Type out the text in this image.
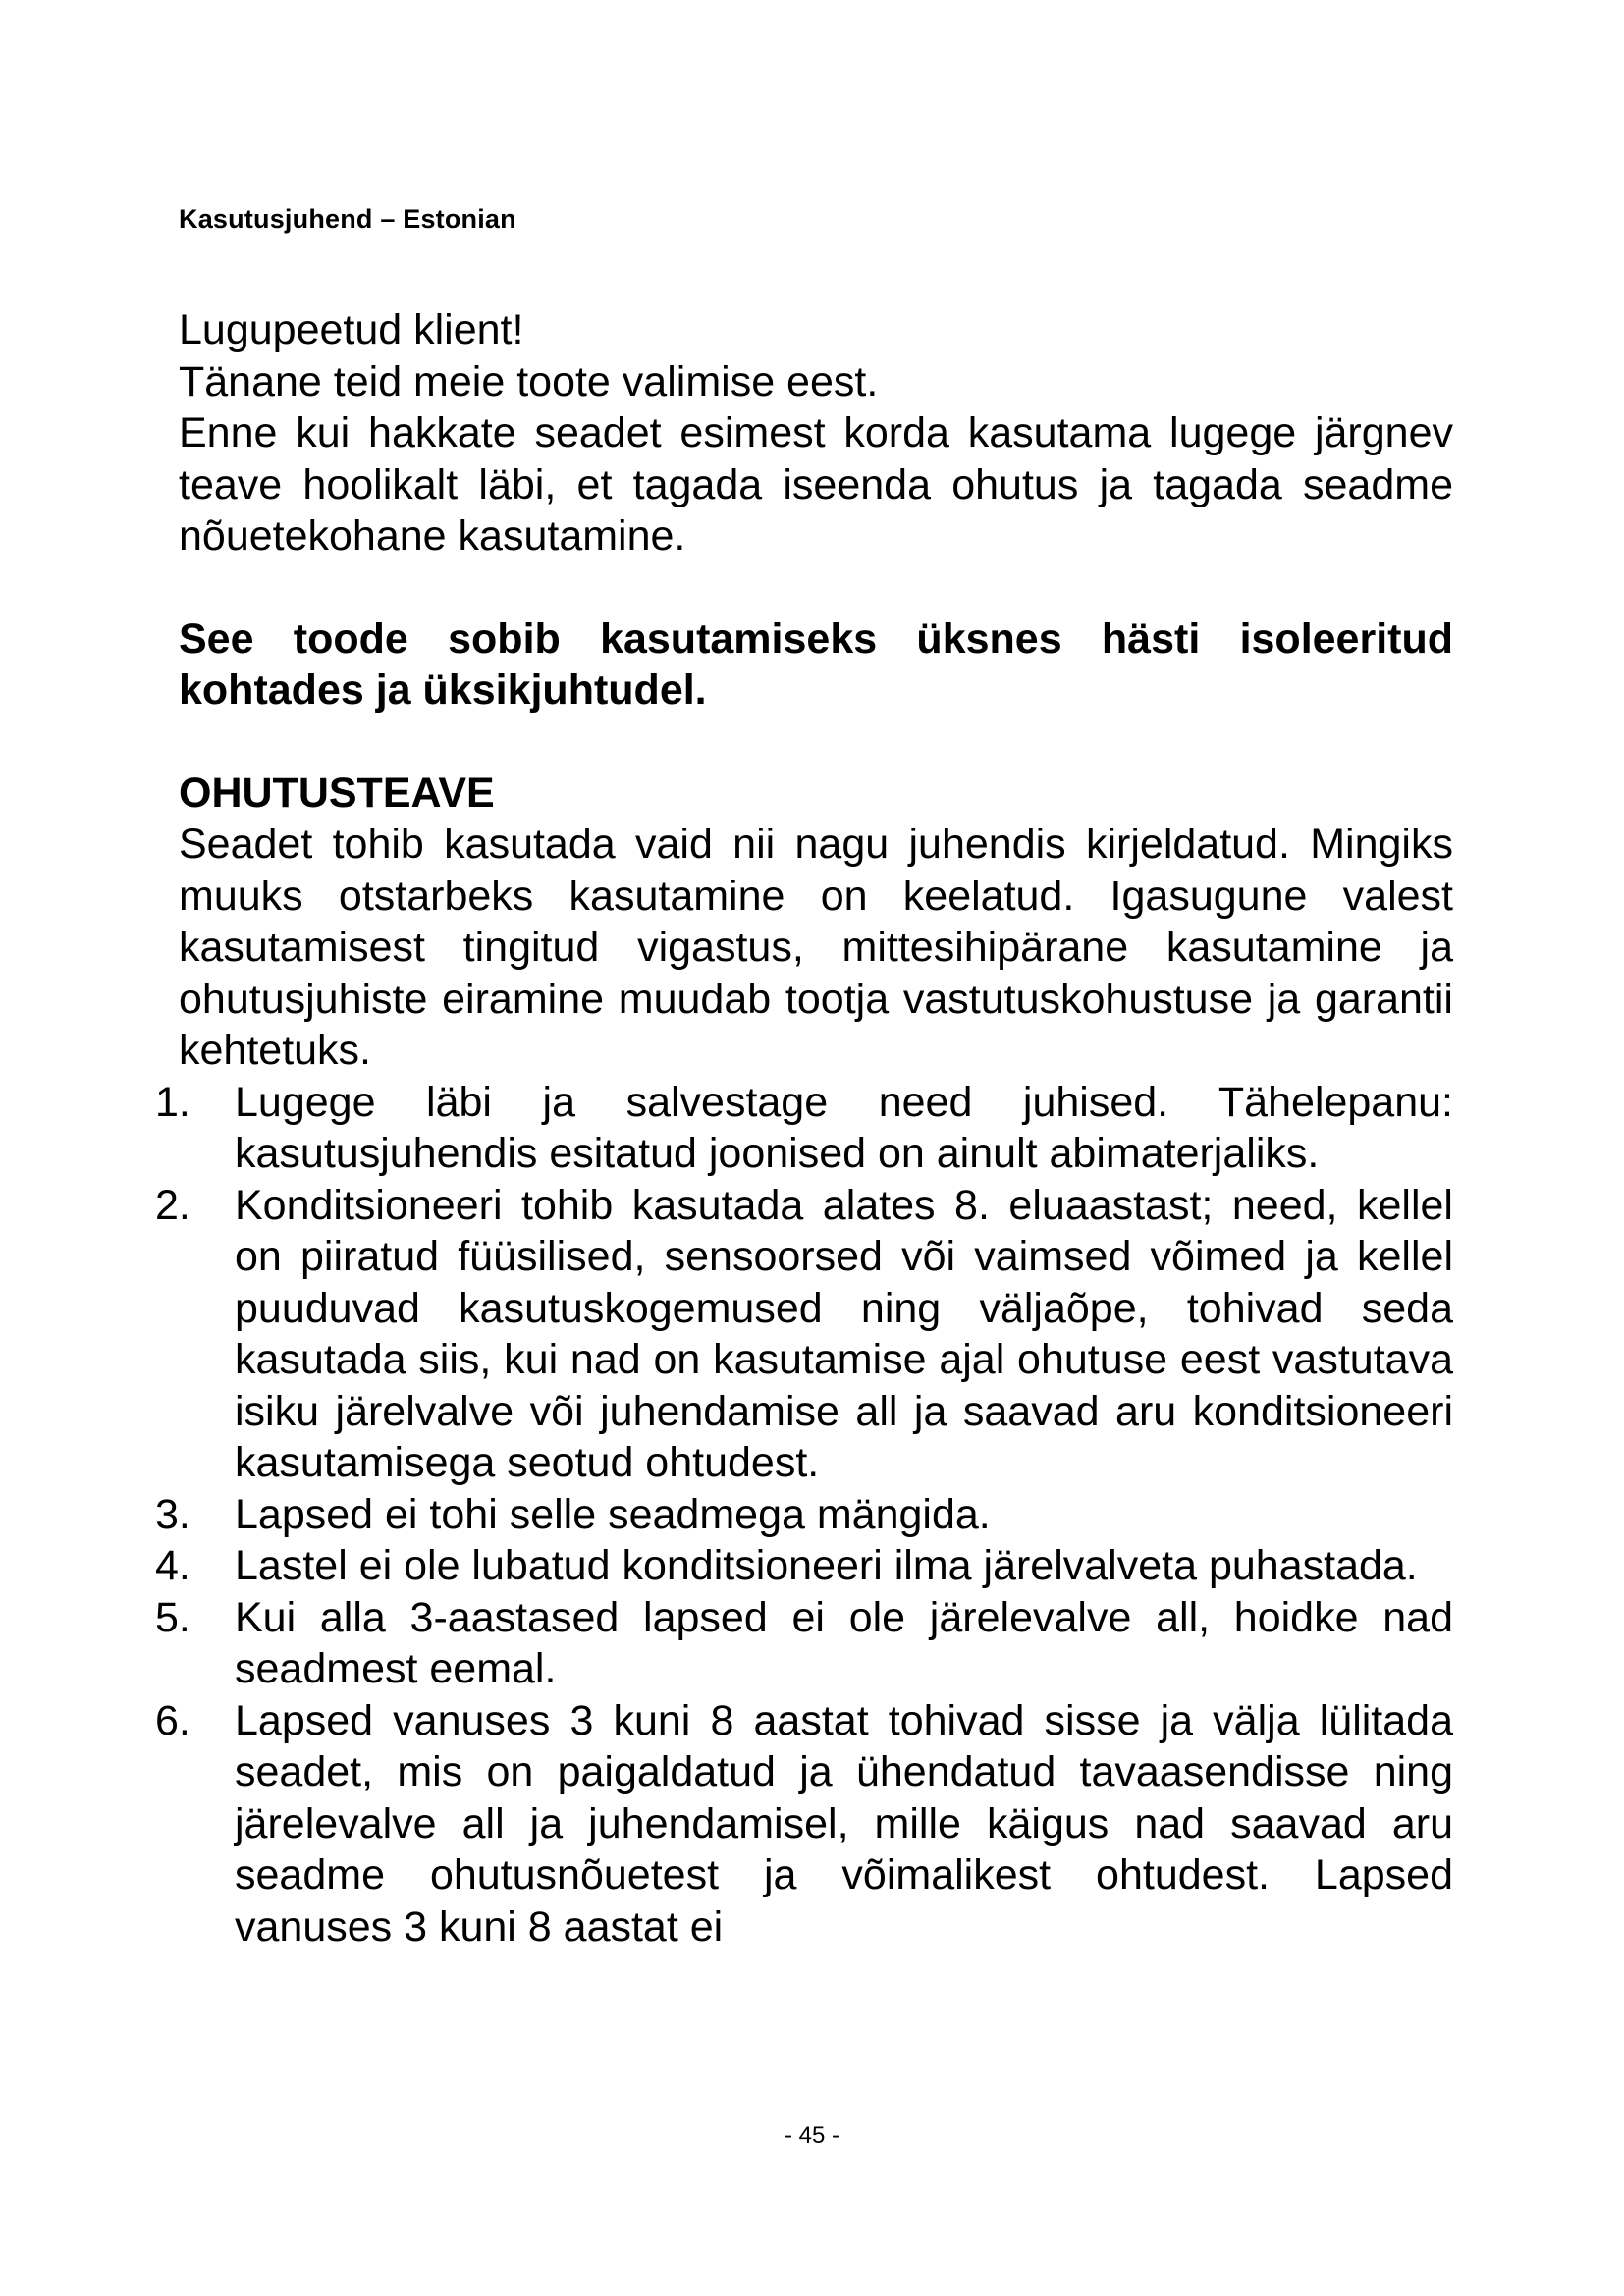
Kasutusjuhend – Estonian

Lugupeetud klient!

Tänane teid meie toote valimise eest.

Enne kui hakkate seadet esimest korda kasutama lugege järgnev teave hoolikalt läbi, et tagada iseenda ohutus ja tagada seadme nõuetekohane kasutamine.

See toode sobib kasutamiseks üksnes hästi isoleeritud kohtades ja üksikjuhtudel.

OHUTUSTEAVE

Seadet tohib kasutada vaid nii nagu juhendis kirjeldatud. Mingiks muuks otstarbeks kasutamine on keelatud. Igasugune valest kasutamisest tingitud vigastus, mittesihipärane kasutamine ja ohutusjuhiste eiramine muudab tootja vastutuskohustuse ja garantii kehtetuks.

1.	Lugege läbi ja salvestage need juhised. Tähelepanu: kasutusjuhendis esitatud joonised on ainult abimaterjaliks.
2.	Konditsioneeri tohib kasutada alates 8. eluaastast; need, kellel on piiratud füüsilised, sensoorsed või vaimsed võimed ja kellel puuduvad kasutuskogemused ning väljaõpe, tohivad seda kasutada siis, kui nad on kasutamise ajal ohutuse eest vastutava isiku järelvalve või juhendamise all ja saavad aru konditsioneeri kasutamisega seotud ohtudest.
3.	Lapsed ei tohi selle seadmega mängida.
4.	Lastel ei ole lubatud konditsioneeri ilma järelvalveta puhastada.
5.	Kui alla 3-aastased lapsed ei ole järelevalve all, hoidke nad seadmest eemal.
6.	Lapsed vanuses 3 kuni 8 aastat tohivad sisse ja välja lülitada seadet, mis on paigaldatud ja ühendatud tavaasendisse ning järelevalve all ja juhendamisel, mille käigus nad saavad aru seadme ohutusnõuetest ja võimalikest ohtudest. Lapsed vanuses 3 kuni 8 aastat ei
- 45 -
